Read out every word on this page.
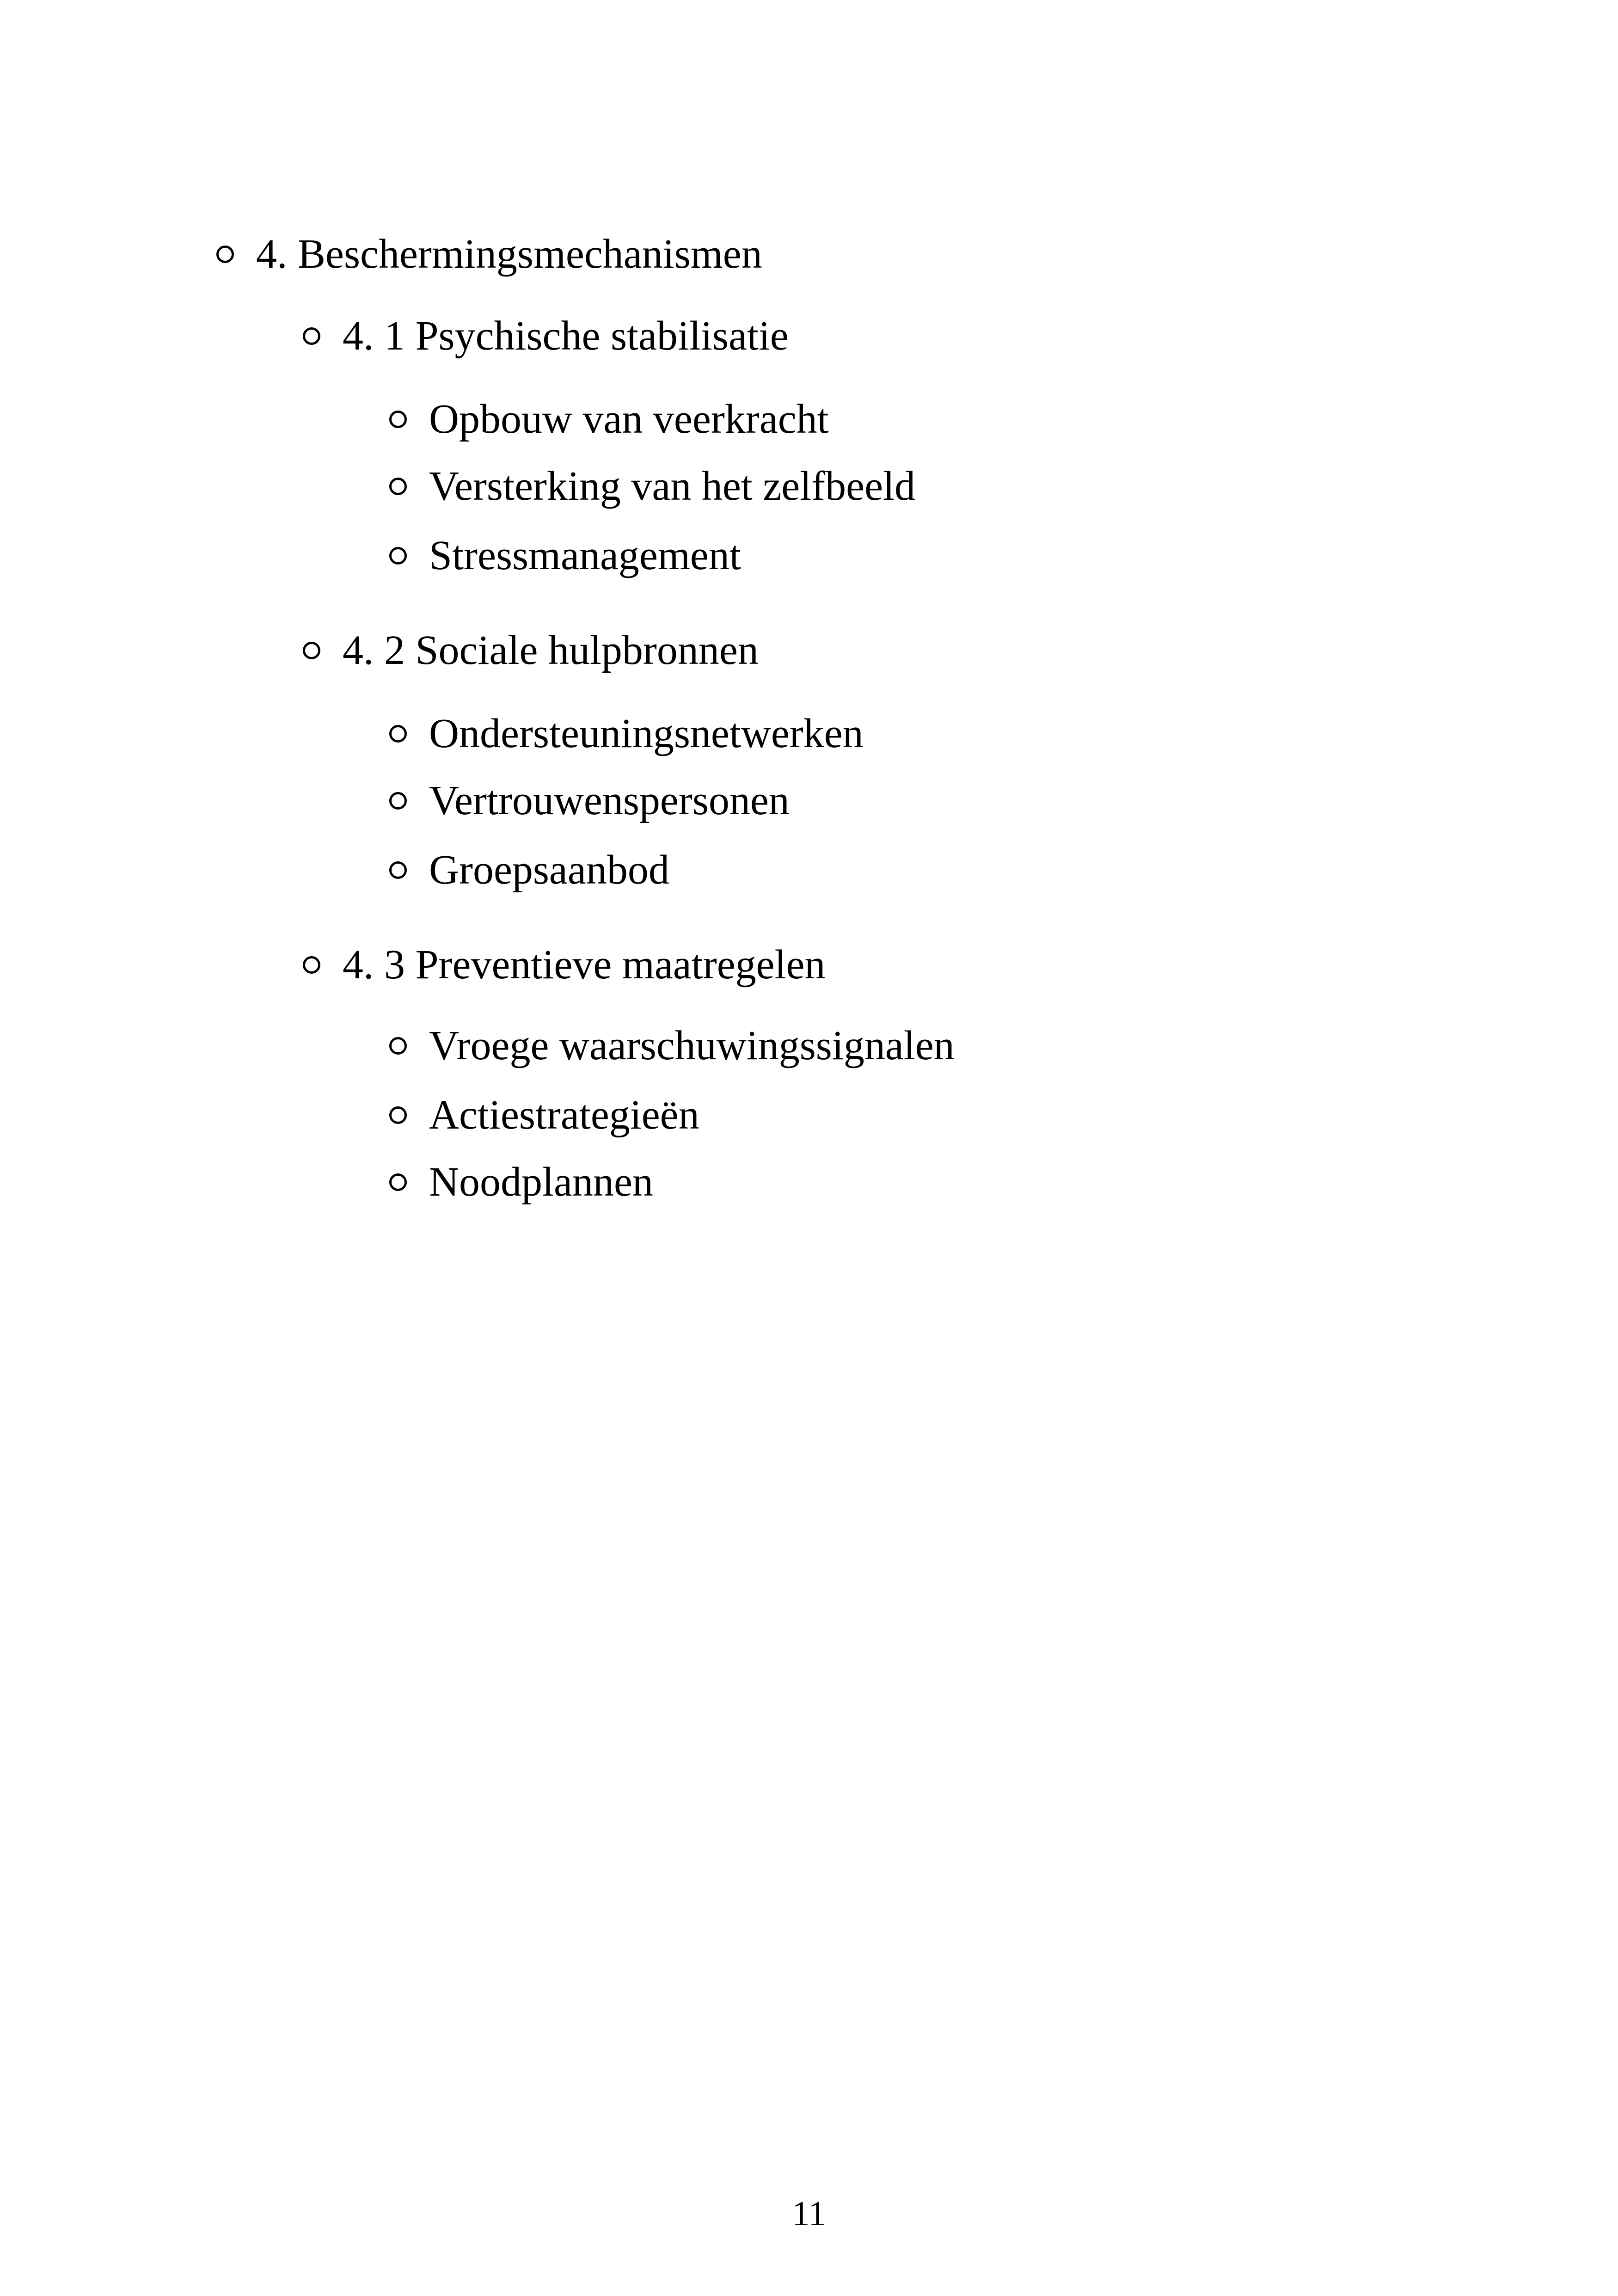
4. Beschermingsmechanismen
4. 1 Psychische stabilisatie
Opbouw van veerkracht
Versterking van het zelfbeeld
Stressmanagement
4. 2 Sociale hulpbronnen
Ondersteuningsnetwerken
Vertrouwenspersonen
Groepsaanbod
4. 3 Preventieve maatregelen
Vroege waarschuwingssignalen
Actiestrategieën
Noodplannen
11
